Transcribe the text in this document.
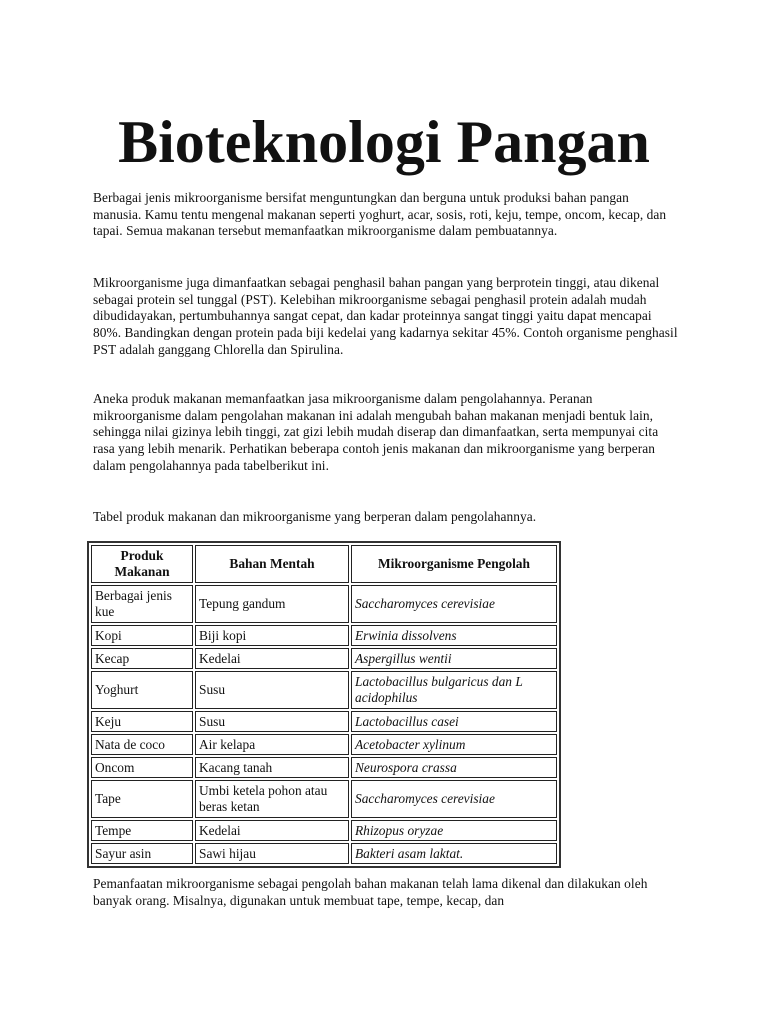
Bioteknologi Pangan

Berbagai jenis mikroorganisme bersifat menguntungkan dan berguna untuk produksi bahan pangan manusia. Kamu tentu mengenal makanan seperti yoghurt, acar, sosis, roti, keju, tempe, oncom, kecap, dan tapai. Semua makanan tersebut memanfaatkan mikroorganisme dalam pembuatannya.

Mikroorganisme juga dimanfaatkan sebagai penghasil bahan pangan yang berprotein tinggi, atau dikenal sebagai protein sel tunggal (PST). Kelebihan mikroorganisme sebagai penghasil protein adalah mudah dibudidayakan, pertumbuhannya sangat cepat, dan kadar proteinnya sangat tinggi yaitu dapat mencapai 80%. Bandingkan dengan protein pada biji kedelai yang kadarnya sekitar 45%. Contoh organisme penghasil PST adalah ganggang Chlorella dan Spirulina.

Aneka produk makanan memanfaatkan jasa mikroorganisme dalam pengolahannya. Peranan mikroorganisme dalam pengolahan makanan ini adalah mengubah bahan makanan menjadi bentuk lain, sehingga nilai gizinya lebih tinggi, zat gizi lebih mudah diserap dan dimanfaatkan, serta mempunyai cita rasa yang lebih menarik. Perhatikan beberapa contoh jenis makanan dan mikroorganisme yang berperan dalam pengolahannya pada tabelberikut ini.

Tabel produk makanan dan mikroorganisme yang berperan dalam pengolahannya.

Produk Makanan	Bahan Mentah	Mikroorganisme Pengolah
Berbagai jenis kue	Tepung gandum	Saccharomyces cerevisiae
Kopi	Biji kopi	Erwinia dissolvens
Kecap	Kedelai	Aspergillus wentii
Yoghurt	Susu	Lactobacillus bulgaricus dan L acidophilus
Keju	Susu	Lactobacillus casei
Nata de coco	Air kelapa	Acetobacter xylinum
Oncom	Kacang tanah	Neurospora crassa
Tape	Umbi ketela pohon atau beras ketan	Saccharomyces cerevisiae
Tempe	Kedelai	Rhizopus oryzae
Sayur asin	Sawi hijau	Bakteri asam laktat.

Pemanfaatan mikroorganisme sebagai pengolah bahan makanan telah lama dikenal dan dilakukan oleh banyak orang. Misalnya, digunakan untuk membuat tape, tempe, kecap, dan
